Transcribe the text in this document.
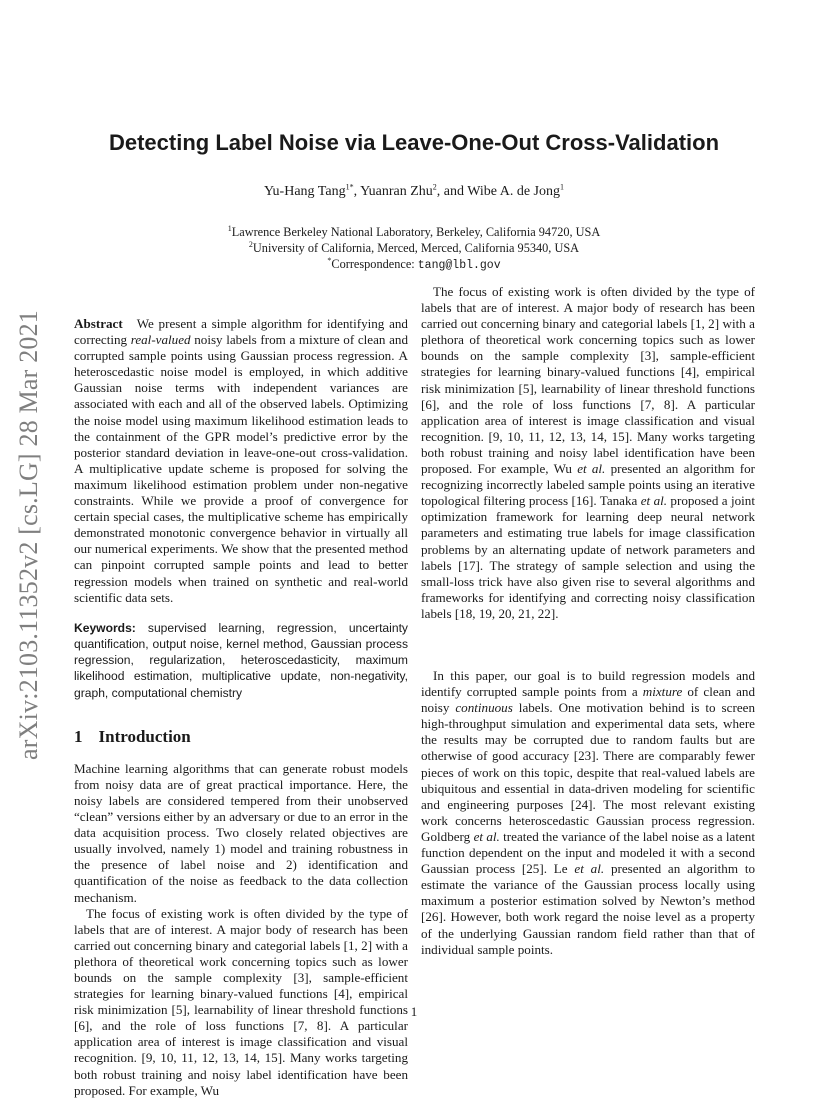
arXiv:2103.11352v2 [cs.LG] 28 Mar 2021
Detecting Label Noise via Leave-One-Out Cross-Validation
Yu-Hang Tang$^{1*}$, Yuanran Zhu$^2$, and Wibe A. de Jong$^1$
$^1$Lawrence Berkeley National Laboratory, Berkeley, California 94720, USA
$^2$University of California, Merced, Merced, California 95340, USA
*Correspondence: tang@lbl.gov

Abstract We present a simple algorithm for identifying and correcting real-valued noisy labels from a mixture of clean and corrupted sample points using Gaussian process regression. A heteroscedastic noise model is employed, in which additive Gaussian noise terms with independent variances are associated with each and all of the observed labels. Optimizing the noise model using maximum likelihood estimation leads to the containment of the GPR model’s predictive error by the posterior standard deviation in leave-one-out cross-validation. A multiplicative update scheme is proposed for solving the maximum likelihood estimation problem under non-negative constraints. While we provide a proof of convergence for certain special cases, the multiplicative scheme has empirically demonstrated monotonic convergence behavior in virtually all our numerical experiments. We show that the presented method can pinpoint corrupted sample points and lead to better regression models when trained on synthetic and real-world scientific data sets.

Keywords: supervised learning, regression, uncertainty quantification, output noise, kernel method, Gaussian process regression, regularization, heteroscedasticity, maximum likelihood estimation, multiplicative update, non-negativity, graph, computational chemistry

1 Introduction

Machine learning algorithms that can generate robust models from noisy data are of great practical importance. Here, the noisy labels are considered tempered from their unobserved “clean” versions either by an adversary or due to an error in the data acquisition process. Two closely related objectives are usually involved, namely 1) model and training robustness in the presence of label noise and 2) identification and quantification of the noise as feedback to the data collection mechanism.

The focus of existing work is often divided by the type of labels that are of interest. A major body of research has been carried out concerning binary and categorial labels [1, 2] with a plethora of theoretical work concerning topics such as lower bounds on the sample complexity [3], sample-efficient strategies for learning binary-valued functions [4], empirical risk minimization [5], learnability of linear threshold functions [6], and the role of loss functions [7, 8]. A particular application area of interest is image classification and visual recognition. [9, 10, 11, 12, 13, 14, 15]. Many works targeting both robust training and noisy label identification have been proposed. For example, Wu

The focus of existing work is often divided by the type of labels that are of interest. A major body of research has been carried out concerning binary and categorial labels [1, 2] with a plethora of theoretical work concerning topics such as lower bounds on the sample complexity [3], sample-efficient strategies for learning binary-valued functions [4], empirical risk minimization [5], learnability of linear threshold functions [6], and the role of loss functions [7, 8]. A particular application area of interest is image classification and visual recognition. [9, 10, 11, 12, 13, 14, 15]. Many works targeting both robust training and noisy label identification have been proposed. For example, Wu et al. presented an algorithm for recognizing incorrectly labeled sample points using an iterative topological filtering process [16]. Tanaka et al. proposed a joint optimization framework for learning deep neural network parameters and estimating true labels for image classification problems by an alternating update of network parameters and labels [17]. The strategy of sample selection and using the small-loss trick have also given rise to several algorithms and frameworks for identifying and correcting noisy classification labels [18, 19, 20, 21, 22].

In this paper, our goal is to build regression models and identify corrupted sample points from a mixture of clean and noisy continuous labels. One motivation behind is to screen high-throughput simulation and experimental data sets, where the results may be corrupted due to random faults but are otherwise of good accuracy [23]. There are comparably fewer pieces of work on this topic, despite that real-valued labels are ubiquitous and essential in data-driven modeling for scientific and engineering purposes [24]. The most relevant existing work concerns heteroscedastic Gaussian process regression. Goldberg et al. treated the variance of the label noise as a latent function dependent on the input and modeled it with a second Gaussian process [25]. Le et al. presented an algorithm to estimate the variance of the Gaussian process locally using maximum a posterior estimation solved by Newton’s method [26]. However, both work regard the noise level as a property of the underlying Gaussian random field rather than that of individual sample points.

1
